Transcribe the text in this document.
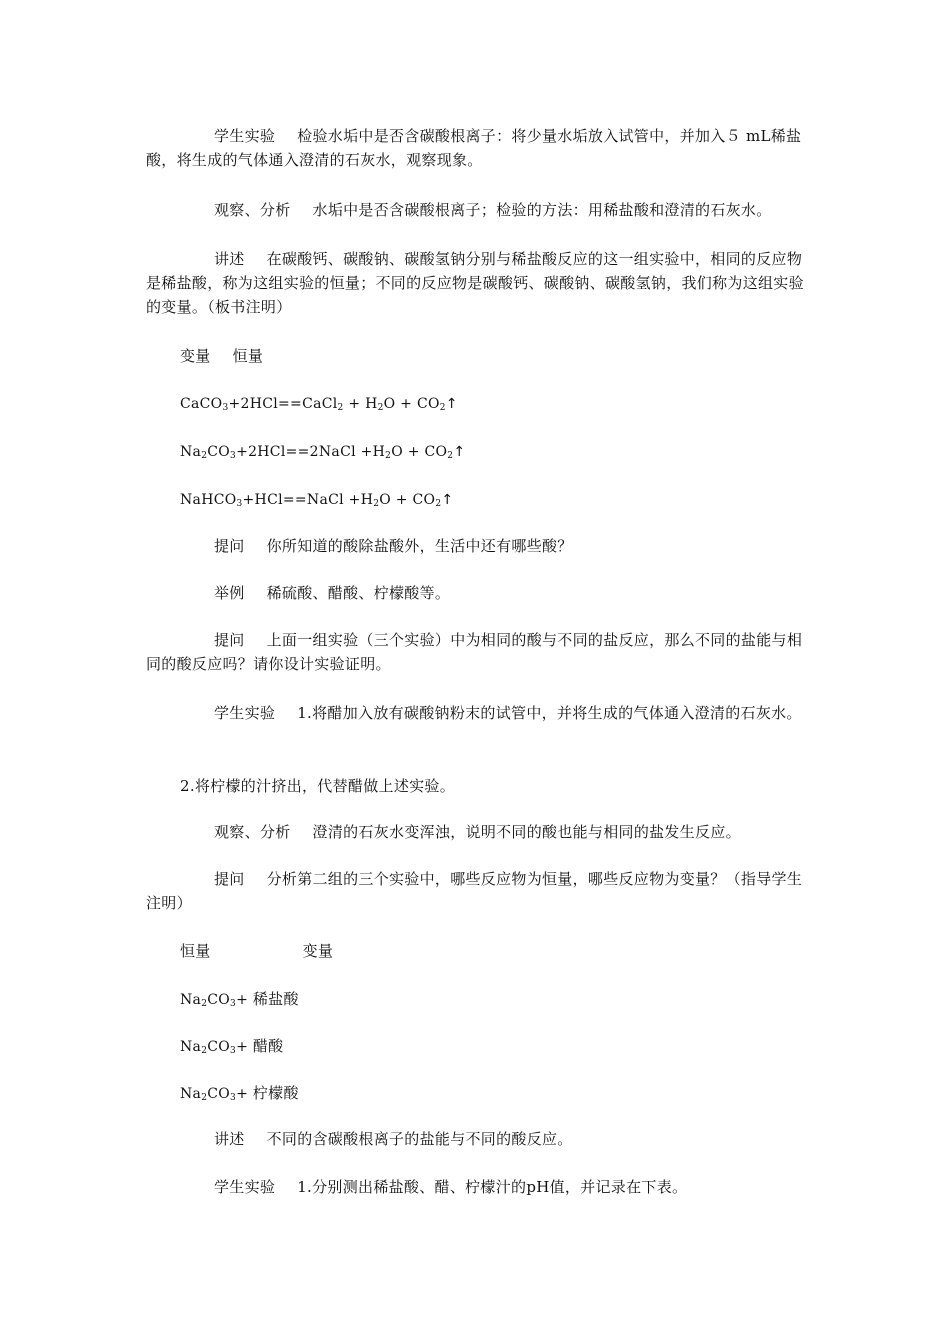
学生实验 检验水垢中是否含碳酸根离子：将少量水垢放入试管中，并加入５ mL稀盐酸，将生成的气体通入澄清的石灰水，观察现象。

观察、分析 水垢中是否含碳酸根离子；检验的方法：用稀盐酸和澄清的石灰水。

讲述 在碳酸钙、碳酸钠、碳酸氢钠分别与稀盐酸反应的这一组实验中，相同的反应物是稀盐酸，称为这组实验的恒量；不同的反应物是碳酸钙、碳酸钠、碳酸氢钠，我们称为这组实验的变量。（板书注明）

变量 恒量

CaCO$_3$+2HCl==CaCl$_2$ + $H_2O$ + $CO_2↑$

$Na_2CO_3+2HCl==2NaCl +H_2O$ + $CO_2↑$

NaHCO$_3$+HCl==NaCl $+H_2O$ + $CO_2↑$

提问 你所知道的酸除盐酸外，生活中还有哪些酸？

举例 稀硫酸、醋酸、柠檬酸等。

提问 上面一组实验（三个实验）中为相同的酸与不同的盐反应，那么不同的盐能与相同的酸反应吗？请你设计实验证明。

学生实验 1.将醋加入放有碳酸钠粉末的试管中，并将生成的气体通入澄清的石灰水。

2.将柠檬的汁挤出，代替醋做上述实验。

观察、分析 澄清的石灰水变浑浊，说明不同的酸也能与相同的盐发生反应。

提问 分析第二组的三个实验中，哪些反应物为恒量，哪些反应物为变量？（指导学生注明）

恒量	变量

$Na_2CO_3+$ 稀盐酸

$Na_2CO_3+$ 醋酸

$Na_2CO_3+$ 柠檬酸

讲述 不同的含碳酸根离子的盐能与不同的酸反应。

学生实验 1.分别测出稀盐酸、醋、柠檬汁的pH值，并记录在下表。
